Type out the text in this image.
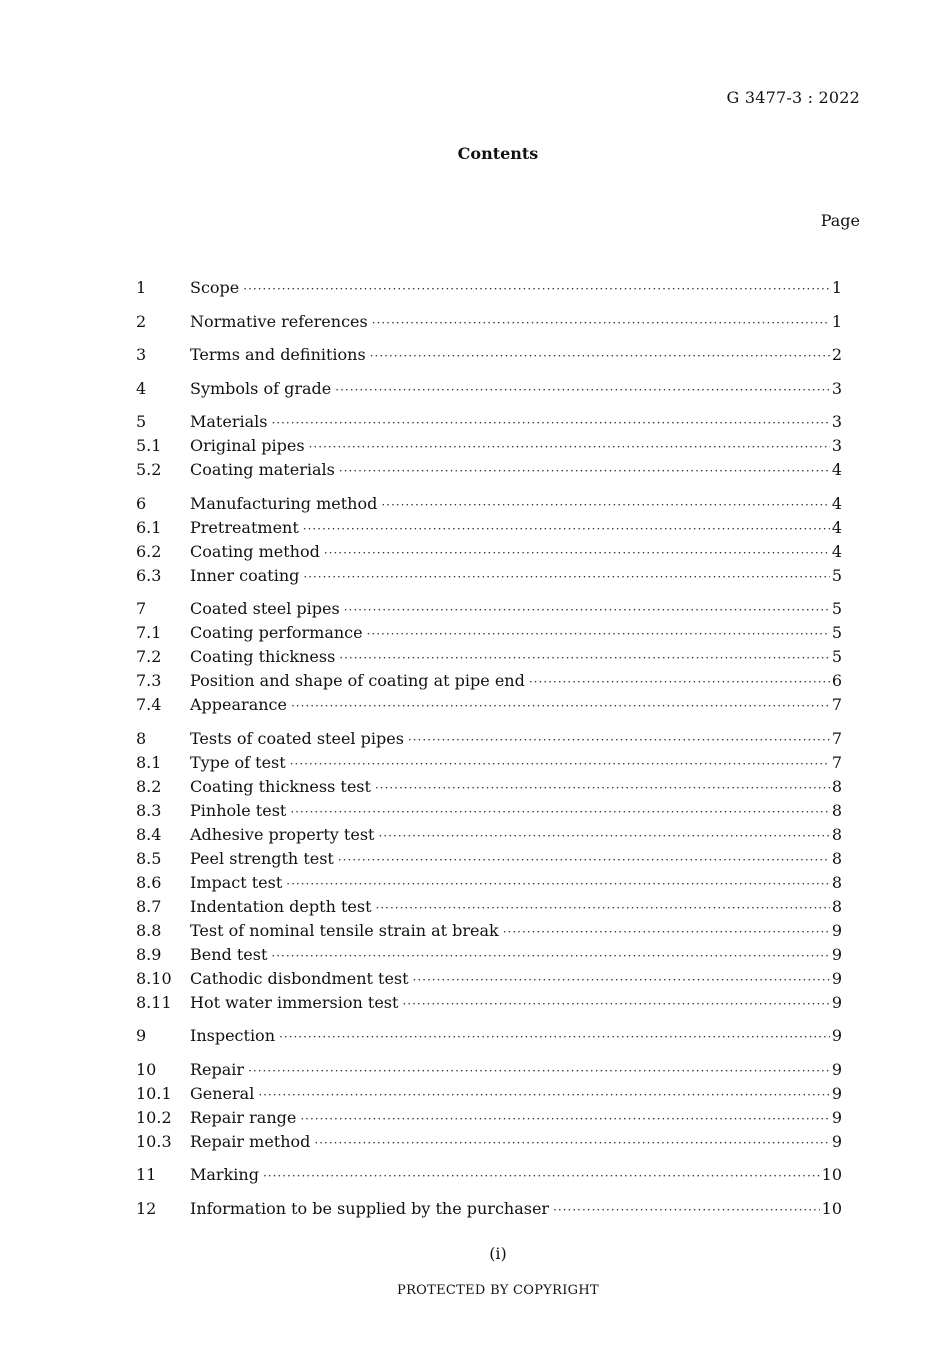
G 3477-3 : 2022
Contents
Page
1	Scope ·····	1
2	Normative references ·····	1
3	Terms and definitions ·····	2
4	Symbols of grade ·····	3
5	Materials ·····	3
5.1	Original pipes ·····	3
5.2	Coating materials ·····	4
6	Manufacturing method ·····	4
6.1	Pretreatment ·····	4
6.2	Coating method ·····	4
6.3	Inner coating ·····	5
7	Coated steel pipes ·····	5
7.1	Coating performance ·····	5
7.2	Coating thickness ·····	5
7.3	Position and shape of coating at pipe end ·····	6
7.4	Appearance ·····	7
8	Tests of coated steel pipes ·····	7
8.1	Type of test ·····	7
8.2	Coating thickness test ·····	8
8.3	Pinhole test ·····	8
8.4	Adhesive property test ·····	8
8.5	Peel strength test ·····	8
8.6	Impact test ·····	8
8.7	Indentation depth test ·····	8
8.8	Test of nominal tensile strain at break ·····	9
8.9	Bend test ·····	9
8.10	Cathodic disbondment test ·····	9
8.11	Hot water immersion test ·····	9
9	Inspection ·····	9
10	Repair ·····	9
10.1	General ·····	9
10.2	Repair range ·····	9
10.3	Repair method ·····	9
11	Marking ·····	10
12	Information to be supplied by the purchaser ·····	10
(i)
PROTECTED BY COPYRIGHT
